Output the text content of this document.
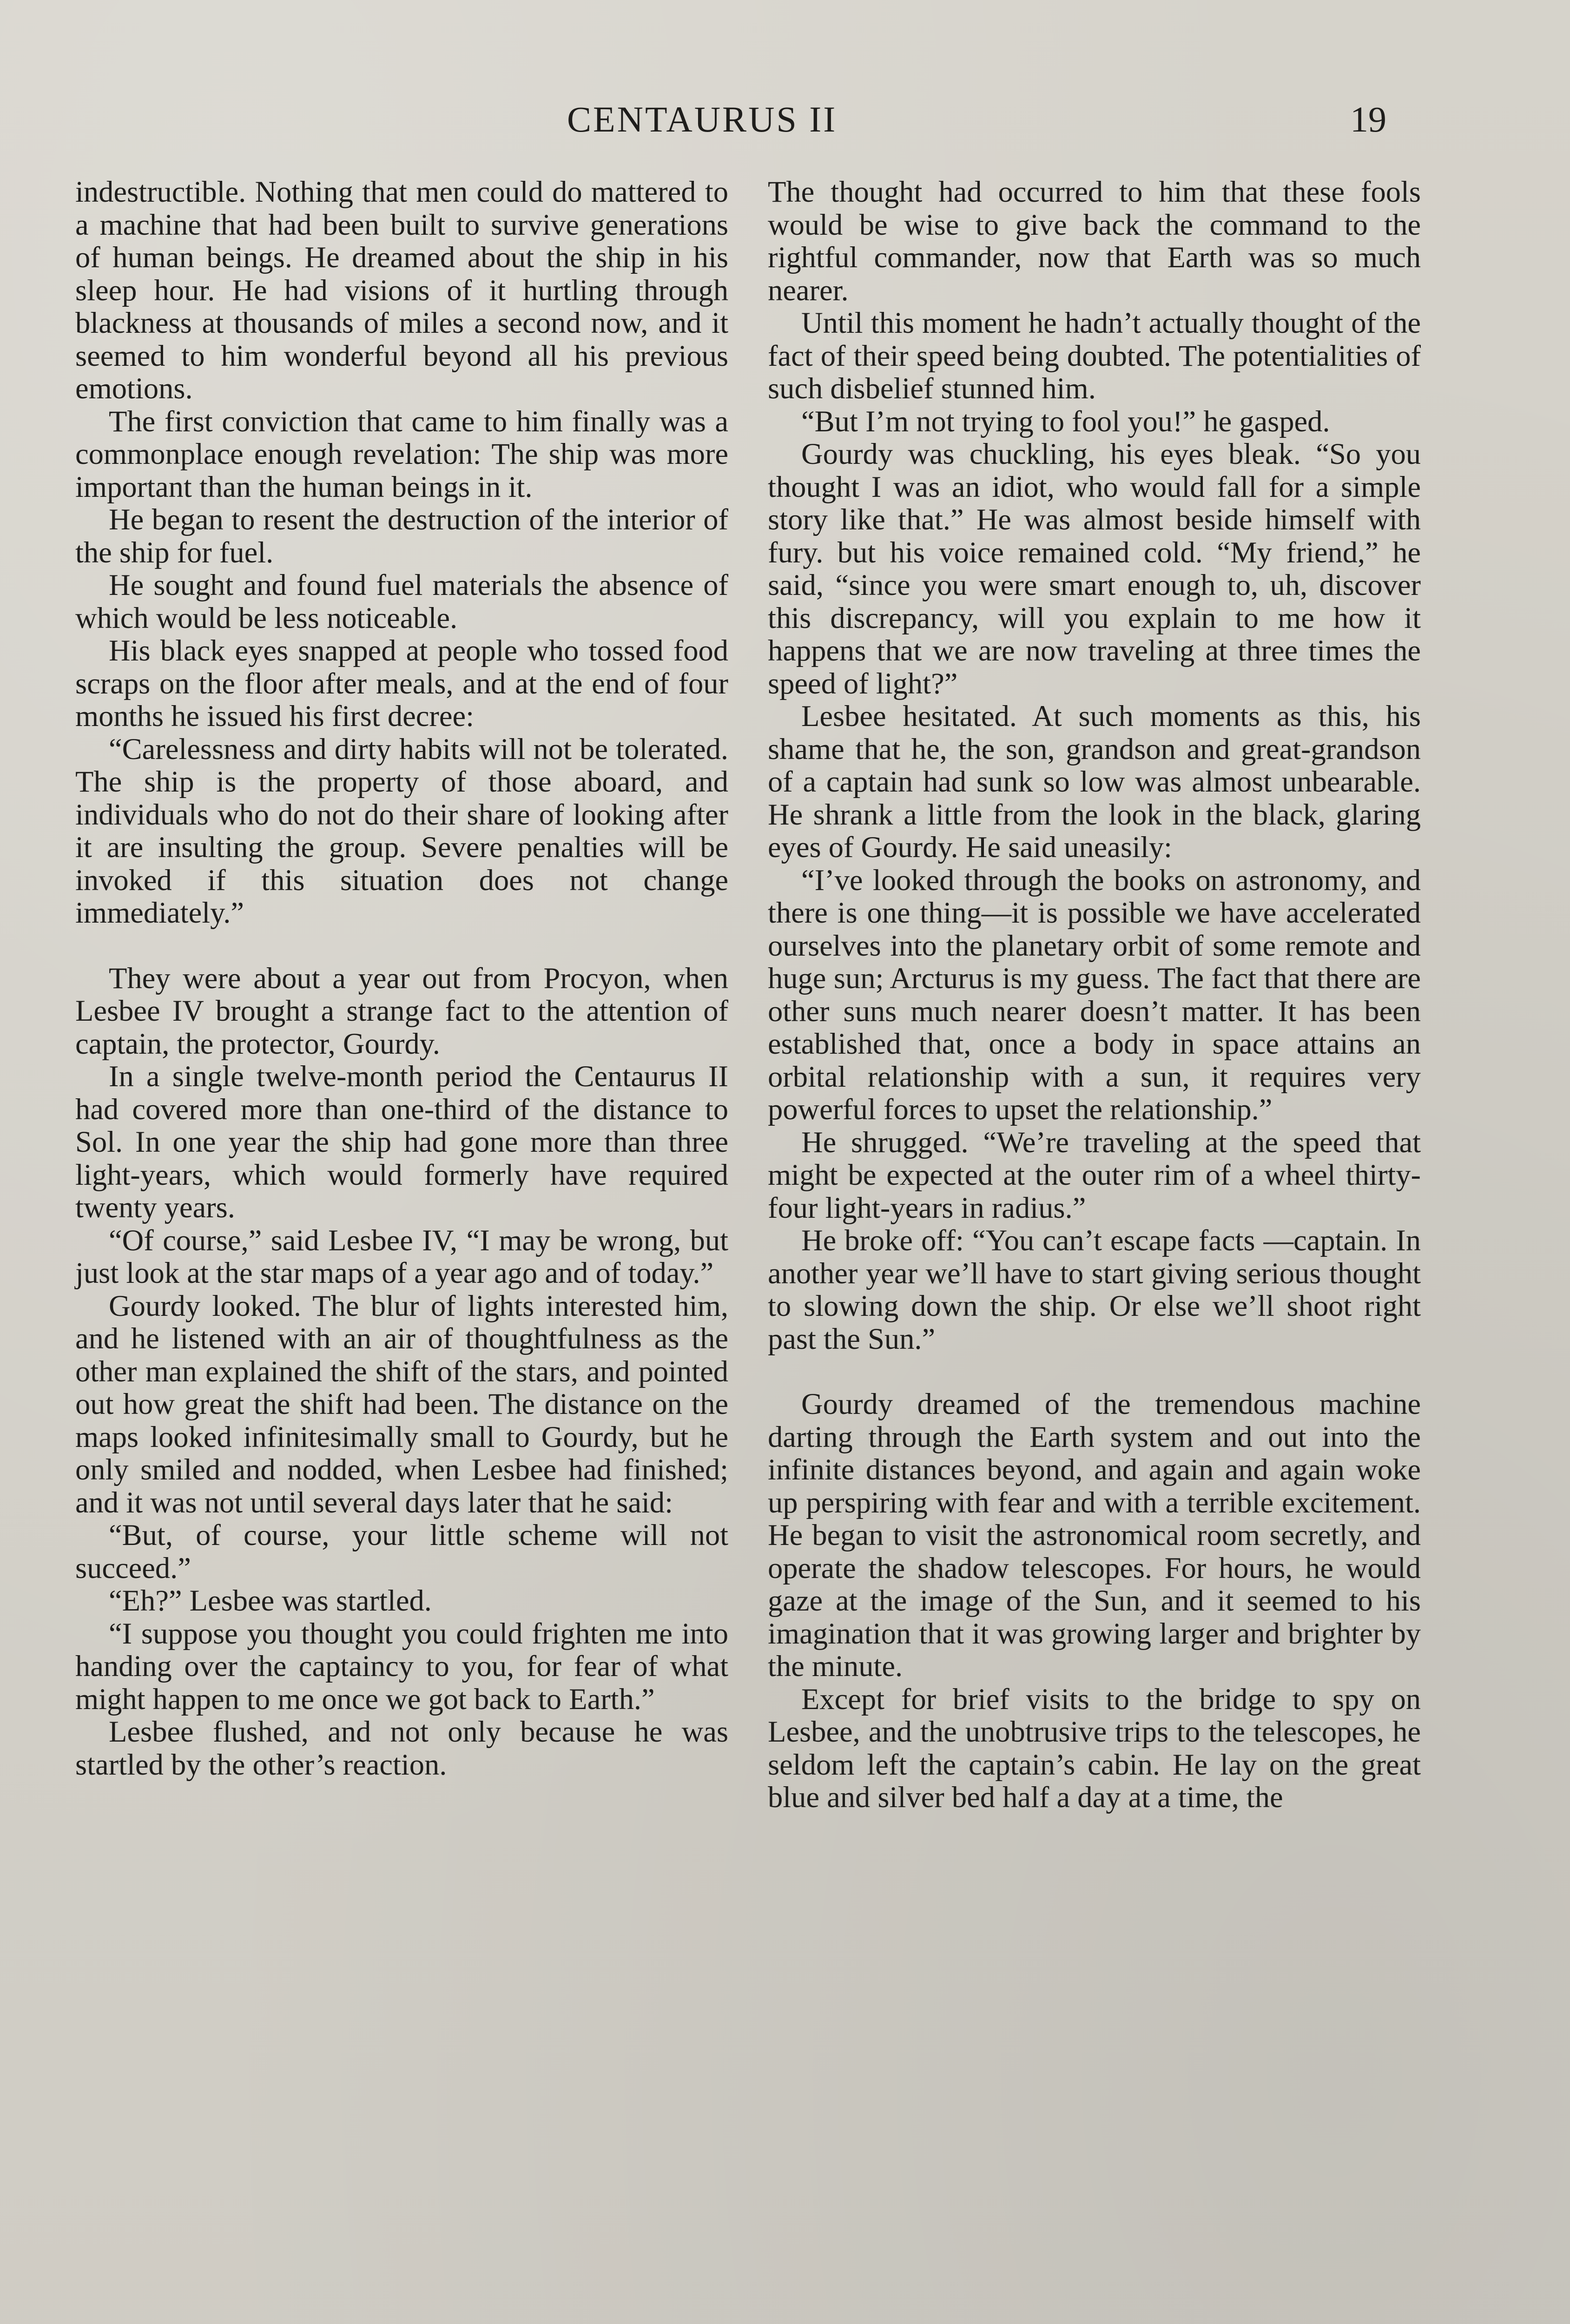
CENTAURUS II	19

indestructible. Nothing that men could do mattered to a machine that had been built to survive generations of human beings. He dreamed about the ship in his sleep hour. He had visions of it hurtling through blackness at thousands of miles a second now, and it seemed to him wonderful beyond all his previous emotions.

The first conviction that came to him finally was a commonplace enough revelation: The ship was more important than the human beings in it.

He began to resent the destruction of the interior of the ship for fuel.

He sought and found fuel materials the absence of which would be less noticeable.

His black eyes snapped at people who tossed food scraps on the floor after meals, and at the end of four months he issued his first decree:

“Carelessness and dirty habits will not be tolerated. The ship is the property of those aboard, and individuals who do not do their share of looking after it are insulting the group. Severe penalties will be invoked if this situation does not change immediately.”

They were about a year out from Procyon, when Lesbee IV brought a strange fact to the attention of captain, the protector, Gourdy.

In a single twelve-month period the Centaurus II had covered more than one-third of the distance to Sol. In one year the ship had gone more than three light-years, which would formerly have required twenty years.

“Of course,” said Lesbee IV, “I may be wrong, but just look at the star maps of a year ago and of today.”

Gourdy looked. The blur of lights interested him, and he listened with an air of thoughtfulness as the other man explained the shift of the stars, and pointed out how great the shift had been. The distance on the maps looked infinitesimally small to Gourdy, but he only smiled and nodded, when Lesbee had finished; and it was not until several days later that he said:

“But, of course, your little scheme will not succeed.”

“Eh?” Lesbee was startled.

“I suppose you thought you could frighten me into handing over the captaincy to you, for fear of what might happen to me once we got back to Earth.”

Lesbee flushed, and not only because he was startled by the other’s reaction.

The thought had occurred to him that these fools would be wise to give back the command to the rightful commander, now that Earth was so much nearer.

Until this moment he hadn’t actually thought of the fact of their speed being doubted. The potentialities of such disbelief stunned him.

“But I’m not trying to fool you!” he gasped.

Gourdy was chuckling, his eyes bleak. “So you thought I was an idiot, who would fall for a simple story like that.” He was almost beside himself with fury. but his voice remained cold. “My friend,” he said, “since you were smart enough to, uh, discover this discrepancy, will you explain to me how it happens that we are now traveling at three times the speed of light?”

Lesbee hesitated. At such moments as this, his shame that he, the son, grandson and great-grandson of a captain had sunk so low was almost unbearable. He shrank a little from the look in the black, glaring eyes of Gourdy. He said uneasily:

“I’ve looked through the books on astronomy, and there is one thing—it is possible we have accelerated ourselves into the planetary orbit of some remote and huge sun; Arcturus is my guess. The fact that there are other suns much nearer doesn’t matter. It has been established that, once a body in space attains an orbital relationship with a sun, it requires very powerful forces to upset the relationship.”

He shrugged. “We’re traveling at the speed that might be expected at the outer rim of a wheel thirty-four light-years in radius.”

He broke off: “You can’t escape facts —captain. In another year we’ll have to start giving serious thought to slowing down the ship. Or else we’ll shoot right past the Sun.”

Gourdy dreamed of the tremendous machine darting through the Earth system and out into the infinite distances beyond, and again and again woke up perspiring with fear and with a terrible excitement. He began to visit the astronomical room secretly, and operate the shadow telescopes. For hours, he would gaze at the image of the Sun, and it seemed to his imagination that it was growing larger and brighter by the minute.

Except for brief visits to the bridge to spy on Lesbee, and the unobtrusive trips to the telescopes, he seldom left the captain’s cabin. He lay on the great blue and silver bed half a day at a time, the
